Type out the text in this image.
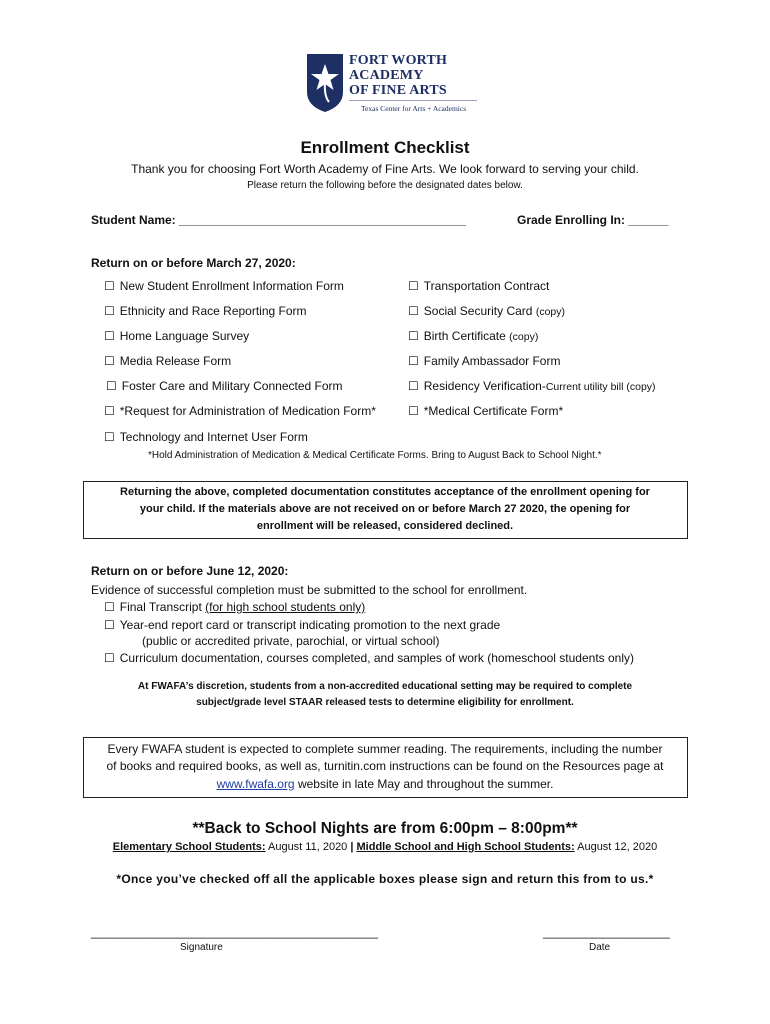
FORT WORTH
ACADEMY
OF FINE ARTS
Texas Center for Arts + Academics
Enrollment Checklist
Thank you for choosing Fort Worth Academy of Fine Arts. We look forward to serving your child.
Please return the following before the designated dates below.
Student Name: ___________________________________________	Grade Enrolling In: ______
Return on or before March 27, 2020:
☐ New Student Enrollment Information Form
☐ Ethnicity and Race Reporting Form
☐ Home Language Survey
☐ Media Release Form
☐ Foster Care and Military Connected Form
☐ *Request for Administration of Medication Form*
☐ Technology and Internet User Form
☐ Transportation Contract
☐ Social Security Card (copy)
☐ Birth Certificate (copy)
☐ Family Ambassador Form
☐ Residency Verification-Current utility bill (copy)
☐ *Medical Certificate Form*
*Hold Administration of Medication & Medical Certificate Forms. Bring to August Back to School Night.*
Returning the above, completed documentation constitutes acceptance of the enrollment opening for
your child. If the materials above are not received on or before March 27 2020, the opening for
enrollment will be released, considered declined.
Return on or before June 12, 2020:
Evidence of successful completion must be submitted to the school for enrollment.
☐ Final Transcript (for high school students only)
☐ Year-end report card or transcript indicating promotion to the next grade
(public or accredited private, parochial, or virtual school)
☐ Curriculum documentation, courses completed, and samples of work (homeschool students only)
At FWAFA’s discretion, students from a non-accredited educational setting may be required to complete
subject/grade level STAAR released tests to determine eligibility for enrollment.
Every FWAFA student is expected to complete summer reading. The requirements, including the number
of books and required books, as well as, turnitin.com instructions can be found on the Resources page at
www.fwafa.org website in late May and throughout the summer.
**Back to School Nights are from 6:00pm – 8:00pm**
Elementary School Students: August 11, 2020 | Middle School and High School Students: August 12, 2020
*Once you’ve checked off all the applicable boxes please sign and return this from to us.*
___________________________________________
Signature
___________________
Date
